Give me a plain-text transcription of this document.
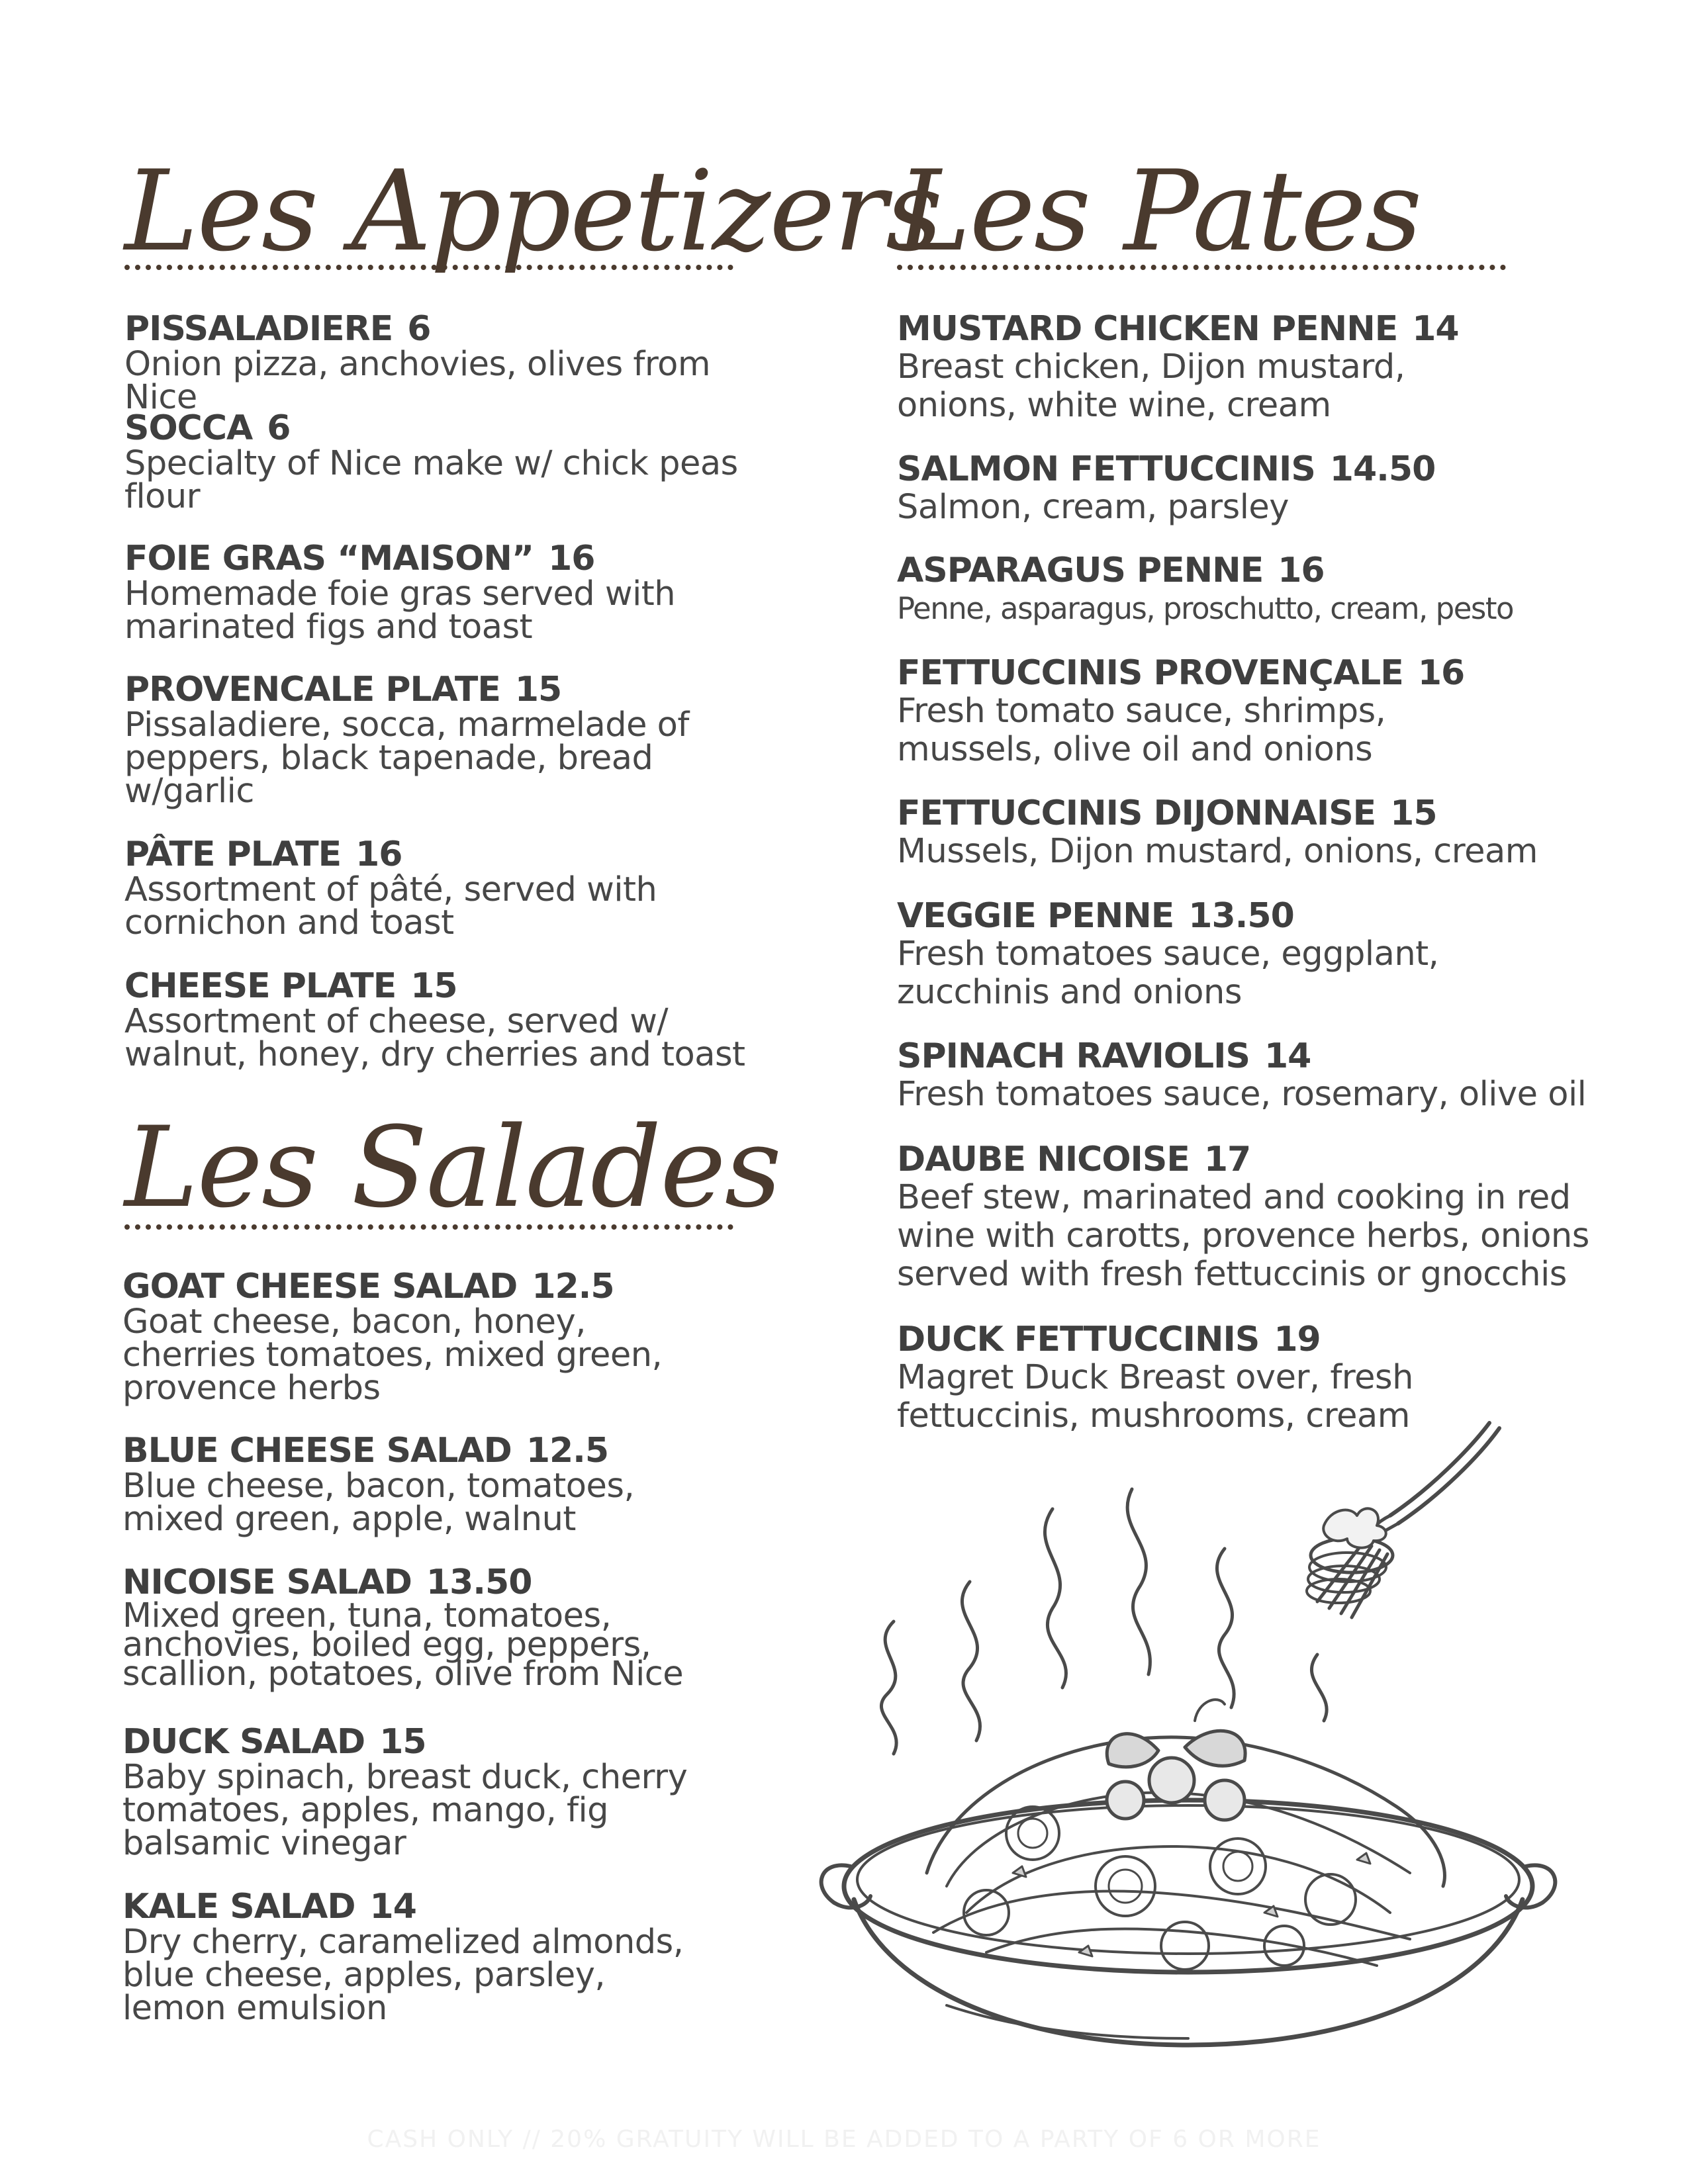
Les Appetizers
PISSALADIERE 6
Onion pizza, anchovies, olives from Nice
SOCCA 6
Specialty of Nice make w/ chick peas flour
FOIE GRAS “MAISON” 16
Homemade foie gras served with marinated figs and toast
PROVENCALE PLATE 15
Pissaladiere, socca, marmelade of peppers, black tapenade, bread w/garlic
PÂTE PLATE 16
Assortment of pâté, served with cornichon and toast
CHEESE PLATE 15
Assortment of cheese, served w/ walnut, honey, dry cherries and toast
Les Salades
GOAT CHEESE SALAD 12.5
Goat cheese, bacon, honey, cherries tomatoes, mixed green, provence herbs
BLUE CHEESE SALAD 12.5
Blue cheese, bacon, tomatoes, mixed green, apple, walnut
NICOISE SALAD 13.50
Mixed green, tuna, tomatoes, anchovies, boiled egg, peppers, scallion, potatoes, olive from Nice
DUCK SALAD 15
Baby spinach, breast duck, cherry tomatoes, apples, mango, fig balsamic vinegar
KALE SALAD 14
Dry cherry, caramelized almonds, blue cheese, apples, parsley, lemon emulsion
Les Pates
MUSTARD CHICKEN PENNE 14
Breast chicken, Dijon mustard, onions, white wine, cream
SALMON FETTUCCINIS 14.50
Salmon, cream, parsley
ASPARAGUS PENNE 16
Penne, asparagus, proschutto, cream, pesto
FETTUCCINIS PROVENÇALE 16
Fresh tomato sauce, shrimps, mussels, olive oil and onions
FETTUCCINIS DIJONNAISE 15
Mussels, Dijon mustard, onions, cream
VEGGIE PENNE 13.50
Fresh tomatoes sauce, eggplant, zucchinis and onions
SPINACH RAVIOLIS 14
Fresh tomatoes sauce, rosemary, olive oil
DAUBE NICOISE 17
Beef stew, marinated and cooking in red wine with carotts, provence herbs, onions served with fresh fettuccinis or gnocchis
DUCK FETTUCCINIS 19
Magret Duck Breast over, fresh fettuccinis, mushrooms, cream
CASH ONLY // 20% GRATUITY WILL BE ADDED TO A PARTY OF 6 OR MORE
